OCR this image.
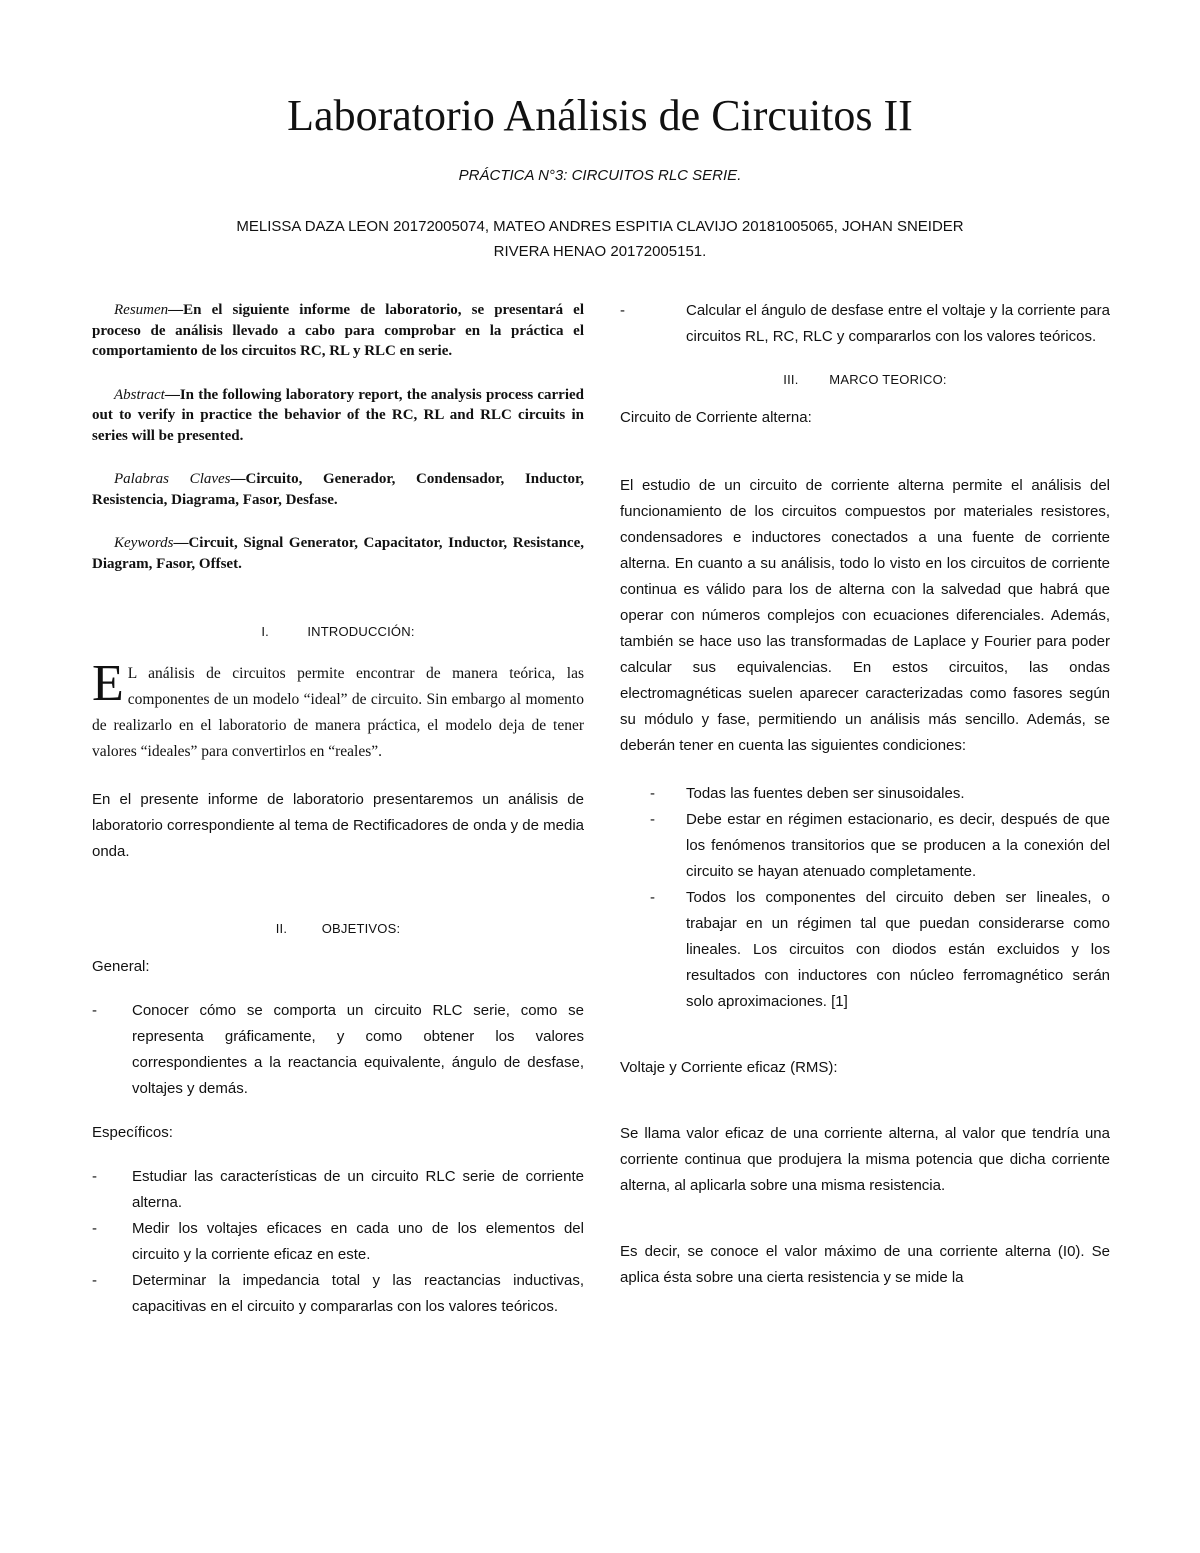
Laboratorio Análisis de Circuitos II
PRÁCTICA N°3: CIRCUITOS RLC SERIE.
MELISSA DAZA LEON 20172005074, MATEO ANDRES ESPITIA CLAVIJO 20181005065, JOHAN SNEIDER
RIVERA HENAO 20172005151.

Resumen—En el siguiente informe de laboratorio, se presentará el proceso de análisis llevado a cabo para comprobar en la práctica el comportamiento de los circuitos RC, RL y RLC en serie.

Abstract—In the following laboratory report, the analysis process carried out to verify in practice the behavior of the RC, RL and RLC circuits in series will be presented.

Palabras Claves—Circuito, Generador, Condensador, Inductor, Resistencia, Diagrama, Fasor, Desfase.

Keywords—Circuit, Signal Generator, Capacitator, Inductor, Resistance, Diagram, Fasor, Offset.

I.	INTRODUCCIÓN:

E L análisis de circuitos permite encontrar de manera teórica, las componentes de un modelo “ideal” de circuito. Sin embargo al momento de realizarlo en el laboratorio de manera práctica, el modelo deja de tener valores “ideales” para convertirlos en “reales”.

En el presente informe de laboratorio presentaremos un análisis de laboratorio correspondiente al tema de Rectificadores de onda y de media onda.

II.	OBJETIVOS:

General:

- Conocer cómo se comporta un circuito RLC serie, como se representa gráficamente, y como obtener los valores correspondientes a la reactancia equivalente, ángulo de desfase, voltajes y demás.

Específicos:

- Estudiar las características de un circuito RLC serie de corriente alterna.
- Medir los voltajes eficaces en cada uno de los elementos del circuito y la corriente eficaz en este.
- Determinar la impedancia total y las reactancias inductivas, capacitivas en el circuito y compararlas con los valores teóricos.
-	Calcular el ángulo de desfase entre el voltaje y la corriente para circuitos RL, RC, RLC y compararlos con los valores teóricos.

III. MARCO TEORICO:

Circuito de Corriente alterna:

El estudio de un circuito de corriente alterna permite el análisis del funcionamiento de los circuitos compuestos por materiales resistores, condensadores e inductores conectados a una fuente de corriente alterna. En cuanto a su análisis, todo lo visto en los circuitos de corriente continua es válido para los de alterna con la salvedad que habrá que operar con números complejos con ecuaciones diferenciales. Además, también se hace uso las transformadas de Laplace y Fourier para poder calcular sus equivalencias. En estos circuitos, las ondas electromagnéticas suelen aparecer caracterizadas como fasores según su módulo y fase, permitiendo un análisis más sencillo. Además, se deberán tener en cuenta las siguientes condiciones:

- Todas las fuentes deben ser sinusoidales.
- Debe estar en régimen estacionario, es decir, después de que los fenómenos transitorios que se producen a la conexión del circuito se hayan atenuado completamente.
- Todos los componentes del circuito deben ser lineales, o trabajar en un régimen tal que puedan considerarse como lineales. Los circuitos con diodos están excluidos y los resultados con inductores con núcleo ferromagnético serán solo aproximaciones. [1]

Voltaje y Corriente eficaz (RMS):

Se llama valor eficaz de una corriente alterna, al valor que tendría una corriente continua que produjera la misma potencia que dicha corriente alterna, al aplicarla sobre una misma resistencia.

Es decir, se conoce el valor máximo de una corriente alterna (I0). Se aplica ésta sobre una cierta resistencia y se mide la
